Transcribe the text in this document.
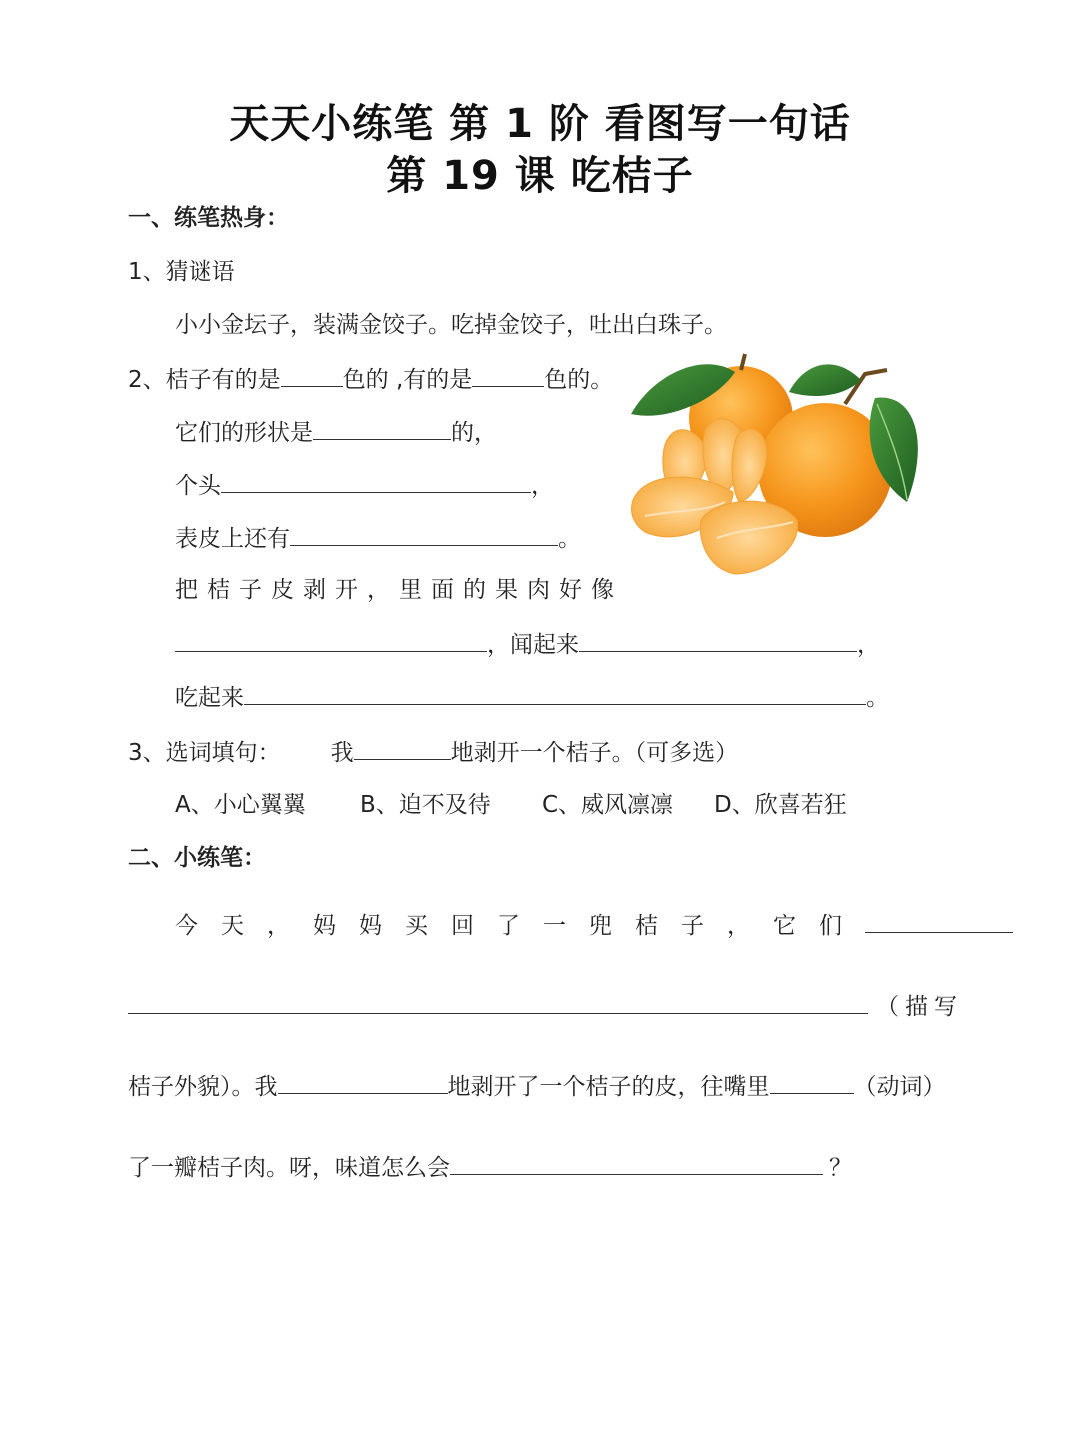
天天小练笔 第 1 阶 看图写一句话
第 19 课 吃桔子
一、练笔热身：
1、猜谜语
小小金坛子，装满金饺子。吃掉金饺子，吐出白珠子。
2、桔子有的是	色的 ,有的是	色的。
它们的形状是	的，
个头	，
表皮上还有	。
把桔子皮剥开，里面的果肉好像
，闻起来	，
吃起来	。
3、选词填句： 我	地剥开一个桔子。（可多选）
A、小心翼翼 B、迫不及待 C、威风凛凛 D、欣喜若狂
二、小练笔：
今天，妈妈买回了一兜桔子，它们
（描写
桔子外貌）。我	地剥开了一个桔子的皮，往嘴里	（动词）
了一瓣桔子肉。呀，味道怎么会	？
